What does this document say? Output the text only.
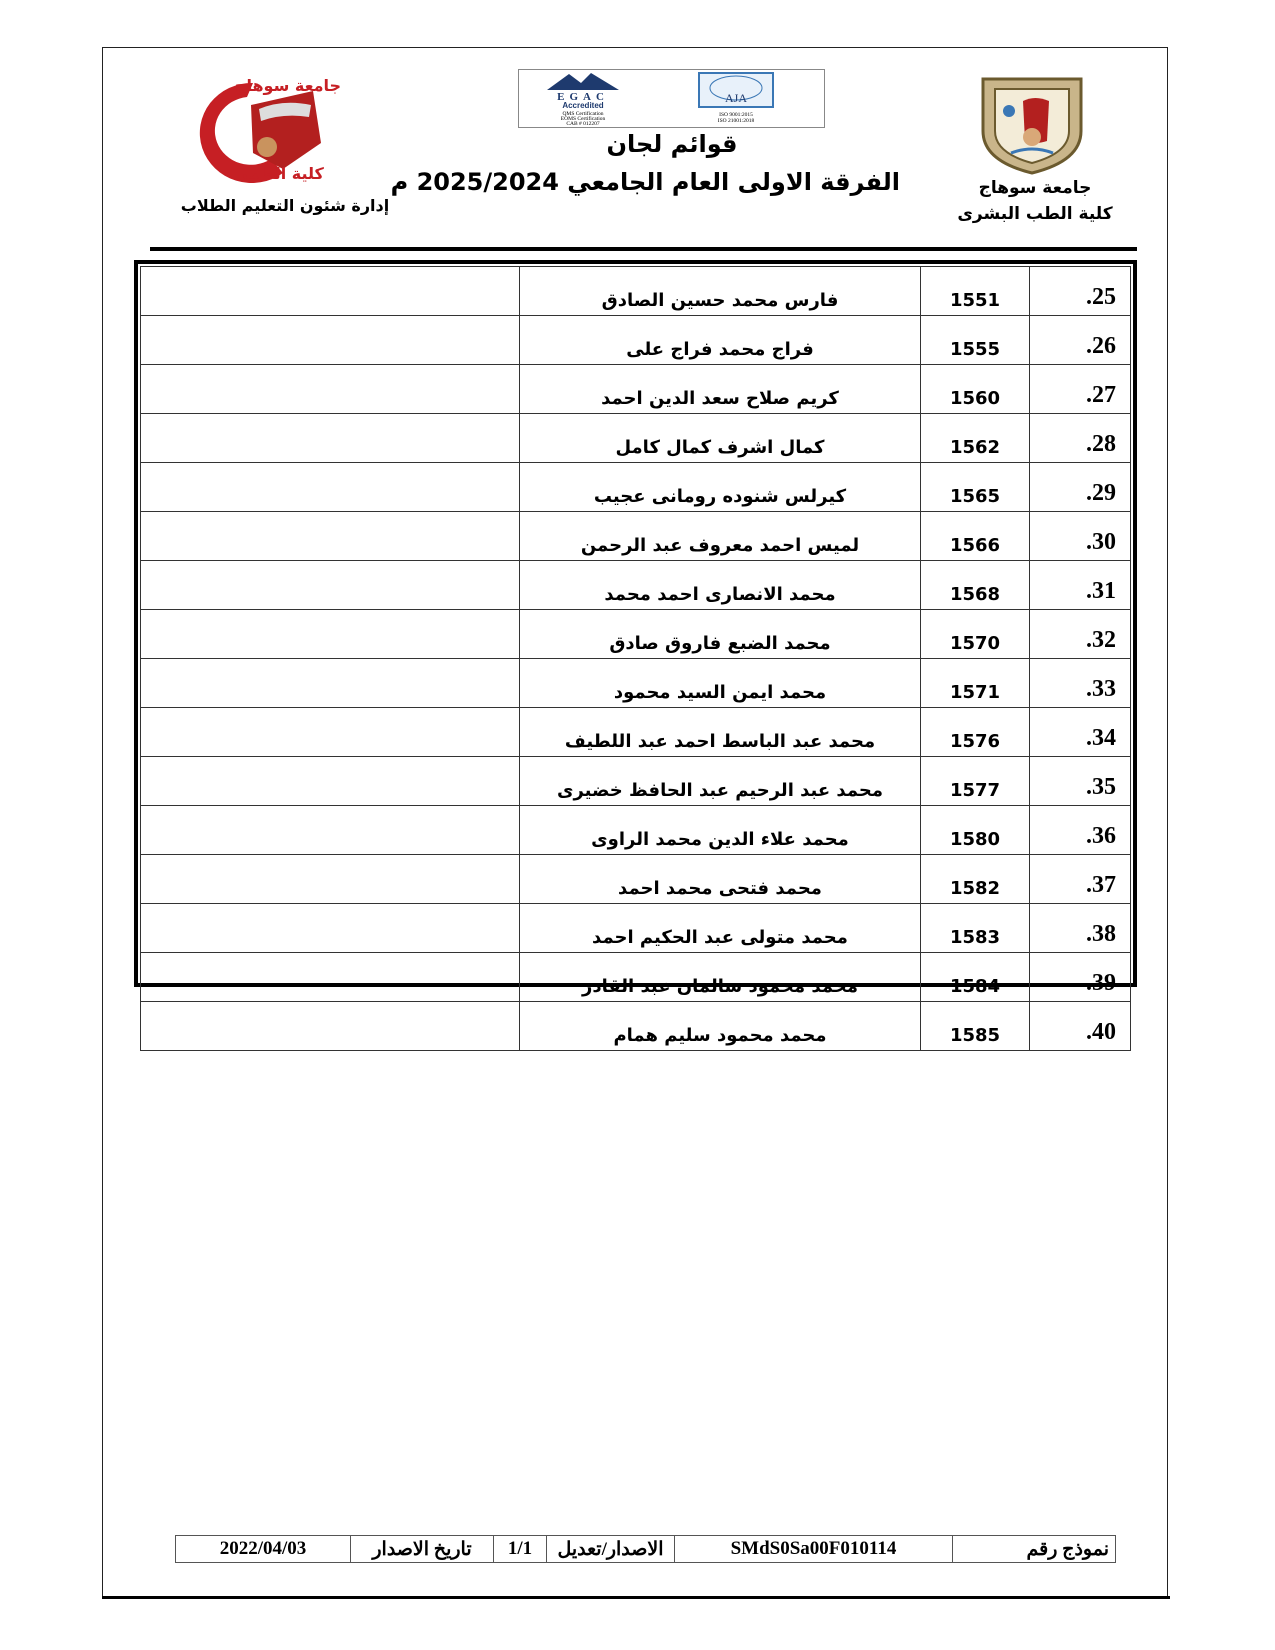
جامعة سوهاج
كلية الطب البشرى
جامعة سوهاج
كلية الطب
إدارة شئون التعليم الطلاب
EGAC
Accredited
QMS Certification
EOMS Certification
CAB # 012207
AJA
ISO 9001:2015
ISO 21001:2018
قوائم لجان
الفرقة الاولى العام الجامعي 2025/2024 م
.25	1551	فارس محمد حسين الصادق	
.26	1555	فراج محمد فراج على	
.27	1560	كريم صلاح سعد الدين احمد	
.28	1562	كمال اشرف كمال كامل	
.29	1565	كيرلس شنوده رومانى عجيب	
.30	1566	لميس احمد معروف عبد الرحمن	
.31	1568	محمد الانصارى احمد محمد	
.32	1570	محمد الضبع فاروق صادق	
.33	1571	محمد ايمن السيد محمود	
.34	1576	محمد عبد الباسط احمد عبد اللطيف	
.35	1577	محمد عبد الرحيم عبد الحافظ خضيرى	
.36	1580	محمد علاء الدين محمد الراوى	
.37	1582	محمد فتحى محمد احمد	
.38	1583	محمد متولى عبد الحكيم احمد	
.39	1584	محمد محمود سالمان عبد القادر	
.40	1585	محمد محمود سليم همام	
نموذج رقم	SMdS0Sa00F010114	الاصدار/تعديل	1/1	تاريخ الاصدار	2022/04/03
